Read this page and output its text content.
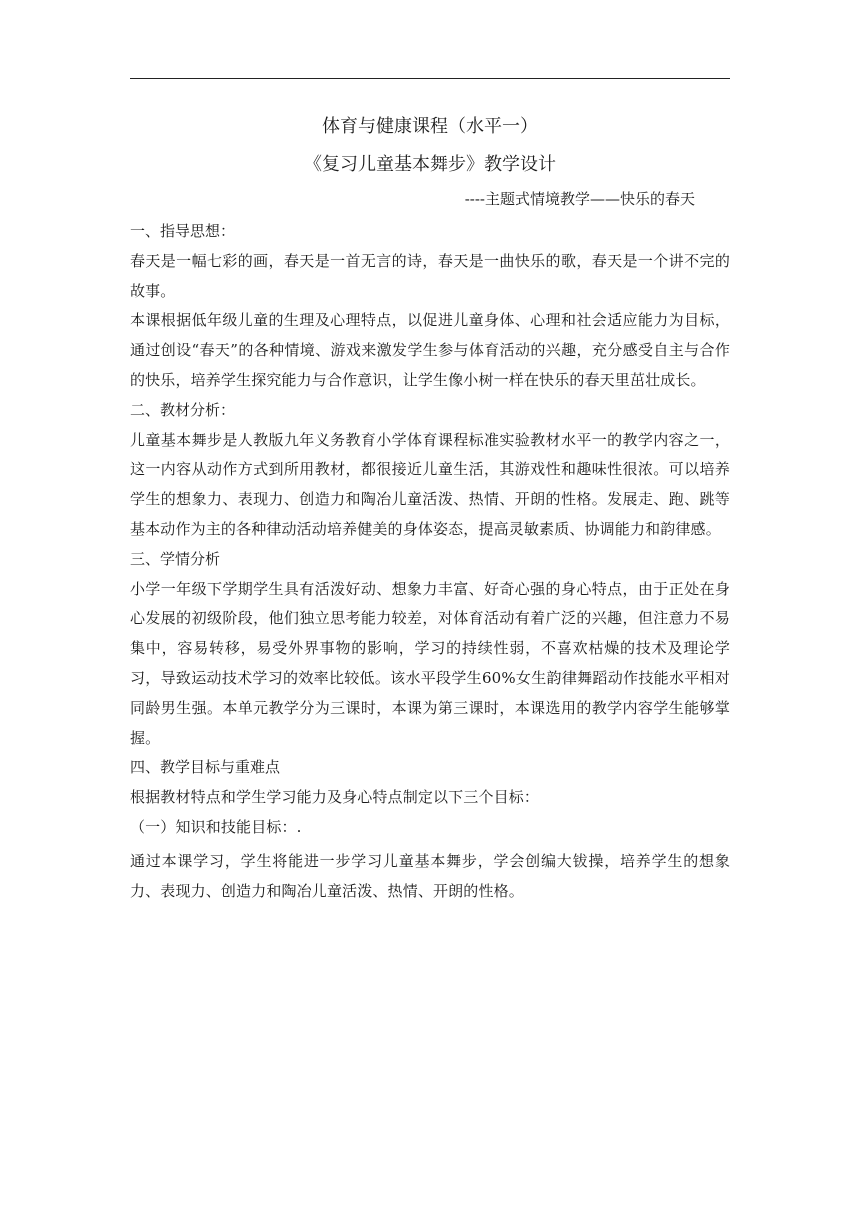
体育与健康课程（水平一）
《复习儿童基本舞步》教学设计
----主题式情境教学——快乐的春天

一、指导思想：

春天是一幅七彩的画，春天是一首无言的诗，春天是一曲快乐的歌，春天是一个讲不完的故事。

本课根据低年级儿童的生理及心理特点，以促进儿童身体、心理和社会适应能力为目标，通过创设“春天”的各种情境、游戏来激发学生参与体育活动的兴趣，充分感受自主与合作的快乐，培养学生探究能力与合作意识，让学生像小树一样在快乐的春天里茁壮成长。

二、教材分析：

儿童基本舞步是人教版九年义务教育小学体育课程标准实验教材水平一的教学内容之一，这一内容从动作方式到所用教材，都很接近儿童生活，其游戏性和趣味性很浓。可以培养学生的想象力、表现力、创造力和陶冶儿童活泼、热情、开朗的性格。发展走、跑、跳等基本动作为主的各种律动活动培养健美的身体姿态，提高灵敏素质、协调能力和韵律感。

三、学情分析

小学一年级下学期学生具有活泼好动、想象力丰富、好奇心强的身心特点，由于正处在身心发展的初级阶段，他们独立思考能力较差，对体育活动有着广泛的兴趣，但注意力不易集中，容易转移，易受外界事物的影响，学习的持续性弱，不喜欢枯燥的技术及理论学习，导致运动技术学习的效率比较低。该水平段学生60%女生韵律舞蹈动作技能水平相对同龄男生强。本单元教学分为三课时，本课为第三课时，本课选用的教学内容学生能够掌握。

四、教学目标与重难点

根据教材特点和学生学习能力及身心特点制定以下三个目标：

（一）知识和技能目标：.

通过本课学习，学生将能进一步学习儿童基本舞步，学会创编大钹操，培养学生的想象力、表现力、创造力和陶冶儿童活泼、热情、开朗的性格。
